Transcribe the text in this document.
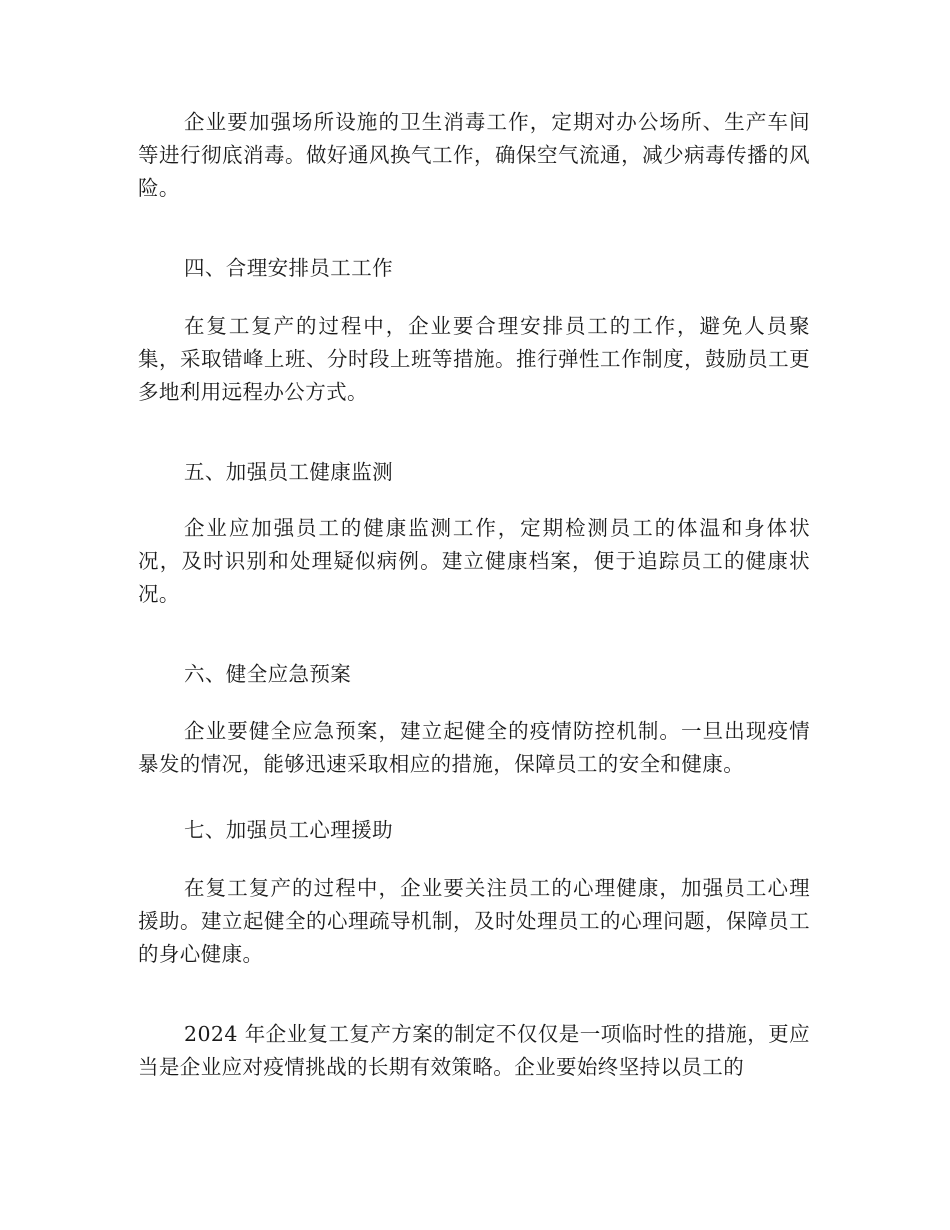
企业要加强场所设施的卫生消毒工作，定期对办公场所、生产车间等进行彻底消毒。做好通风换气工作，确保空气流通，减少病毒传播的风险。

四、合理安排员工工作

在复工复产的过程中，企业要合理安排员工的工作，避免人员聚集，采取错峰上班、分时段上班等措施。推行弹性工作制度，鼓励员工更多地利用远程办公方式。

五、加强员工健康监测

企业应加强员工的健康监测工作，定期检测员工的体温和身体状况，及时识别和处理疑似病例。建立健康档案，便于追踪员工的健康状况。

六、健全应急预案

企业要健全应急预案，建立起健全的疫情防控机制。一旦出现疫情暴发的情况，能够迅速采取相应的措施，保障员工的安全和健康。

七、加强员工心理援助

在复工复产的过程中，企业要关注员工的心理健康，加强员工心理援助。建立起健全的心理疏导机制，及时处理员工的心理问题，保障员工的身心健康。

2024 年企业复工复产方案的制定不仅仅是一项临时性的措施，更应当是企业应对疫情挑战的长期有效策略。企业要始终坚持以员工的
